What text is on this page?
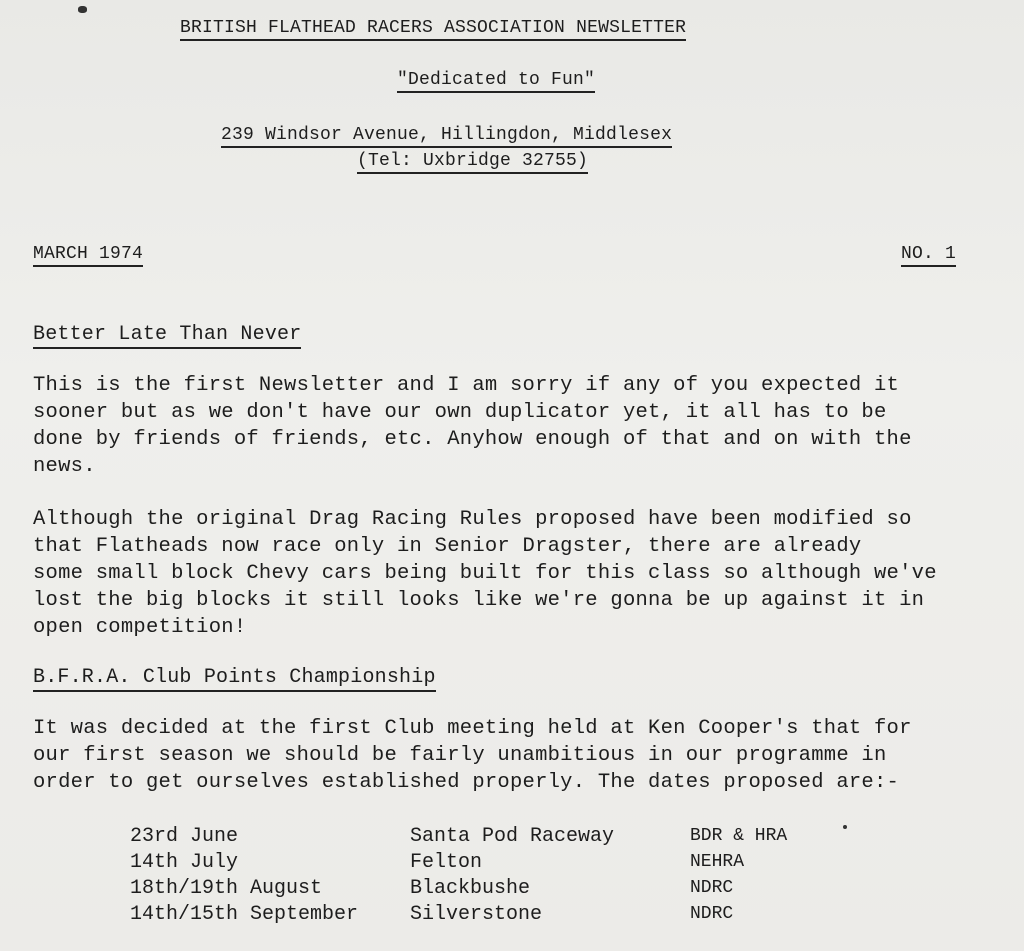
BRITISH FLATHEAD RACERS ASSOCIATION NEWSLETTER
"Dedicated to Fun"
239 Windsor Avenue, Hillingdon, Middlesex
(Tel: Uxbridge 32755)
MARCH 1974	NO. 1
Better Late Than Never
This is the first Newsletter and I am sorry if any of you expected it
sooner but as we don't have our own duplicator yet, it all has to be
done by friends of friends, etc. Anyhow enough of that and on with the
news.
Although the original Drag Racing Rules proposed have been modified so
that Flatheads now race only in Senior Dragster, there are already
some small block Chevy cars being built for this class so although we've
lost the big blocks it still looks like we're gonna be up against it in
open competition!
B.F.R.A. Club Points Championship
It was decided at the first Club meeting held at Ken Cooper's that for
our first season we should be fairly unambitious in our programme in
order to get ourselves established properly. The dates proposed are:-
23rd June	Santa Pod Raceway	BDR & HRA
14th July	Felton	NEHRA
18th/19th August	Blackbushe	NDRC
14th/15th September	Silverstone	NDRC
